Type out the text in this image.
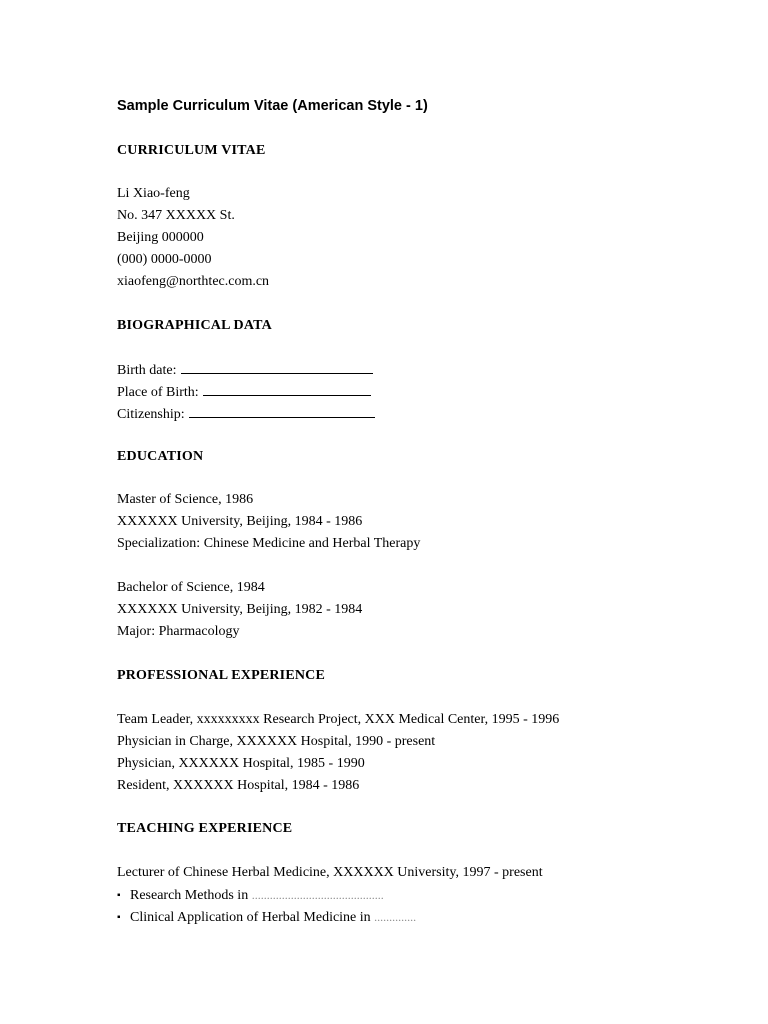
Sample Curriculum Vitae (American Style - 1)
CURRICULUM VITAE
Li Xiao-feng
No. 347 XXXXX St.
Beijing 000000
(000) 0000-0000
xiaofeng@northtec.com.cn
BIOGRAPHICAL DATA
Birth date:
Place of Birth:
Citizenship:
EDUCATION
Master of Science, 1986
XXXXXX University, Beijing, 1984 - 1986
Specialization: Chinese Medicine and Herbal Therapy
Bachelor of Science, 1984
XXXXXX University, Beijing, 1982 - 1984
Major: Pharmacology
PROFESSIONAL EXPERIENCE
Team Leader, xxxxxxxxx Research Project, XXX Medical Center, 1995 - 1996
Physician in Charge, XXXXXX Hospital, 1990 - present
Physician, XXXXXX Hospital, 1985 - 1990
Resident, XXXXXX Hospital, 1984 - 1986
TEACHING EXPERIENCE
Lecturer of Chinese Herbal Medicine, XXXXXX University, 1997 - present
▪ Research Methods in ............................................
▪ Clinical Application of Herbal Medicine in ..............
